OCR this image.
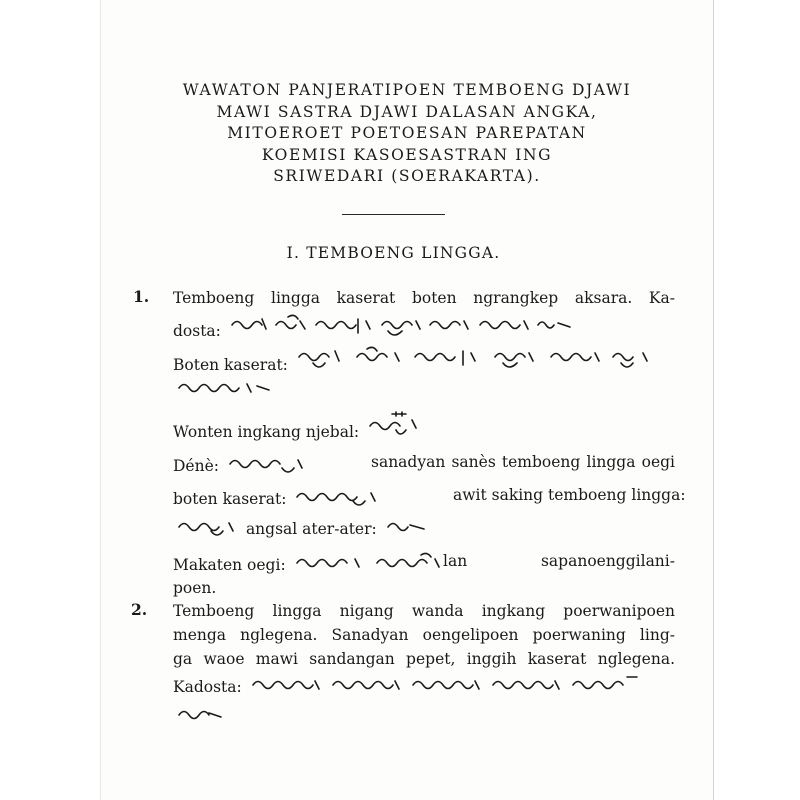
WAWATON PANJERATIPOEN TEMBOENG DJAWI
MAWI SASTRA DJAWI DALASAN ANGKA,
MITOEROET POETOESAN PAREPATAN
KOEMISI KASOESASTRAN ING
SRIWEDARI (SOERAKARTA).
I. TEMBOENG LINGGA.
1. Temboeng lingga kaserat boten ngrangkep aksara. Ka-
dosta:
Boten kaserat:
Wonten ingkang njebal:
Dénè:	sanadyan sanès temboeng lingga oegi
boten kaserat:	awit saking temboeng lingga:
angsal ater-ater:
Makaten oegi:	lan sapanoenggilani-
poen.
2. Temboeng lingga nigang wanda ingkang poerwanipoen
menga nglegena. Sanadyan oengelipoen poerwaning ling-
ga waoe mawi sandangan pepet, inggih kaserat nglegena.
Kadosta:
